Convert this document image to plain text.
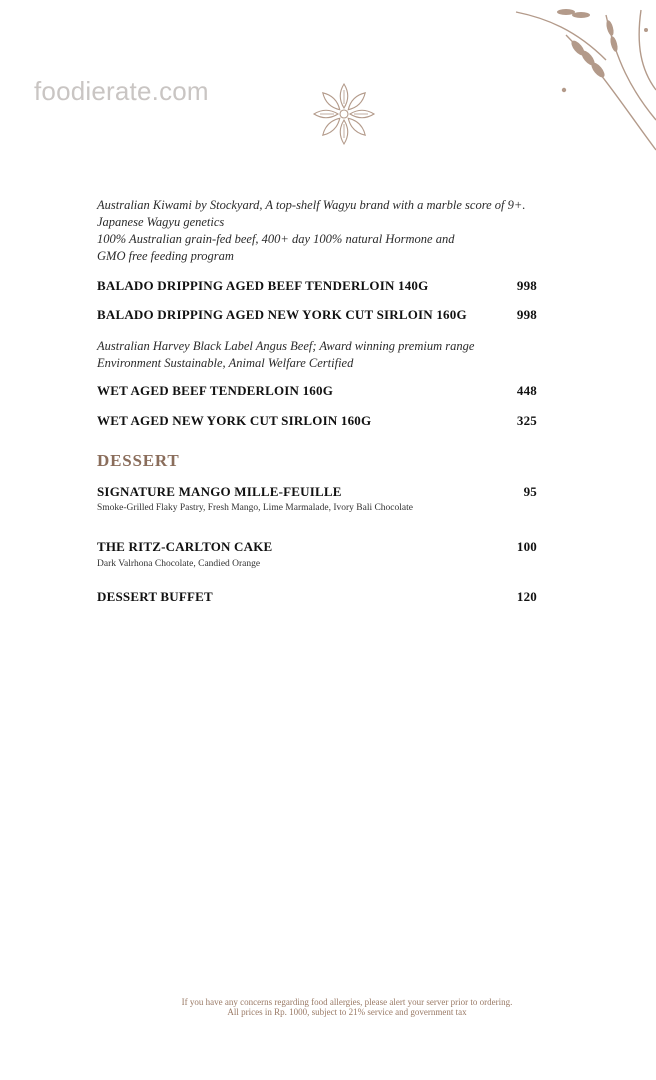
foodierate.com
Australian Kiwami by Stockyard, A top-shelf Wagyu brand with a marble score of 9+.
Japanese Wagyu genetics
100% Australian grain-fed beef, 400+ day 100% natural Hormone and
GMO free feeding program
BALADO DRIPPING AGED BEEF TENDERLOIN 140G	998
BALADO DRIPPING AGED NEW YORK CUT SIRLOIN 160G	998
Australian Harvey Black Label Angus Beef; Award winning premium range
Environment Sustainable, Animal Welfare Certified
WET AGED BEEF TENDERLOIN 160G	448
WET AGED NEW YORK CUT SIRLOIN 160G	325
DESSERT
SIGNATURE MANGO MILLE-FEUILLE	95
Smoke-Grilled Flaky Pastry, Fresh Mango, Lime Marmalade, Ivory Bali Chocolate
THE RITZ-CARLTON CAKE	100
Dark Valrhona Chocolate, Candied Orange
DESSERT BUFFET	120
If you have any concerns regarding food allergies, please alert your server prior to ordering.
All prices in Rp. 1000, subject to 21% service and government tax
